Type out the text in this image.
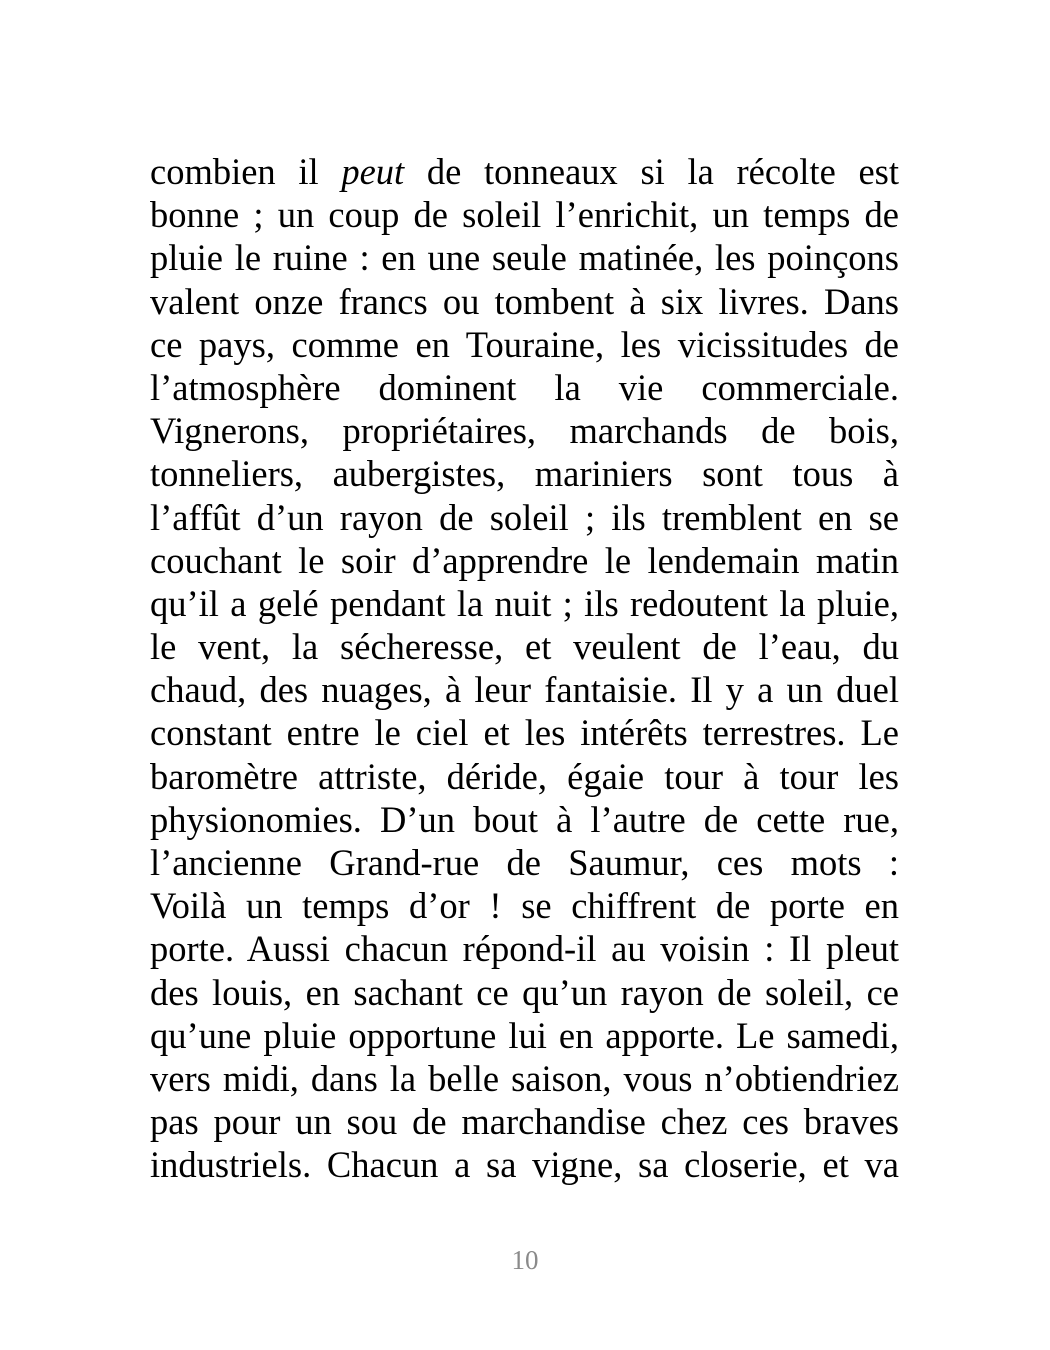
combien il peut de tonneaux si la récolte est
bonne ; un coup de soleil l’enrichit, un temps de
pluie le ruine : en une seule matinée, les poinçons
valent onze francs ou tombent à six livres. Dans
ce pays, comme en Touraine, les vicissitudes de
l’atmosphère dominent la vie commerciale.
Vignerons, propriétaires, marchands de bois,
tonneliers, aubergistes, mariniers sont tous à
l’affût d’un rayon de soleil ; ils tremblent en se
couchant le soir d’apprendre le lendemain matin
qu’il a gelé pendant la nuit ; ils redoutent la pluie,
le vent, la sécheresse, et veulent de l’eau, du
chaud, des nuages, à leur fantaisie. Il y a un duel
constant entre le ciel et les intérêts terrestres. Le
baromètre attriste, déride, égaie tour à tour les
physionomies. D’un bout à l’autre de cette rue,
l’ancienne Grand-rue de Saumur, ces mots :
Voilà un temps d’or ! se chiffrent de porte en
porte. Aussi chacun répond-il au voisin : Il pleut
des louis, en sachant ce qu’un rayon de soleil, ce
qu’une pluie opportune lui en apporte. Le samedi,
vers midi, dans la belle saison, vous n’obtiendriez
pas pour un sou de marchandise chez ces braves
industriels. Chacun a sa vigne, sa closerie, et va
10
